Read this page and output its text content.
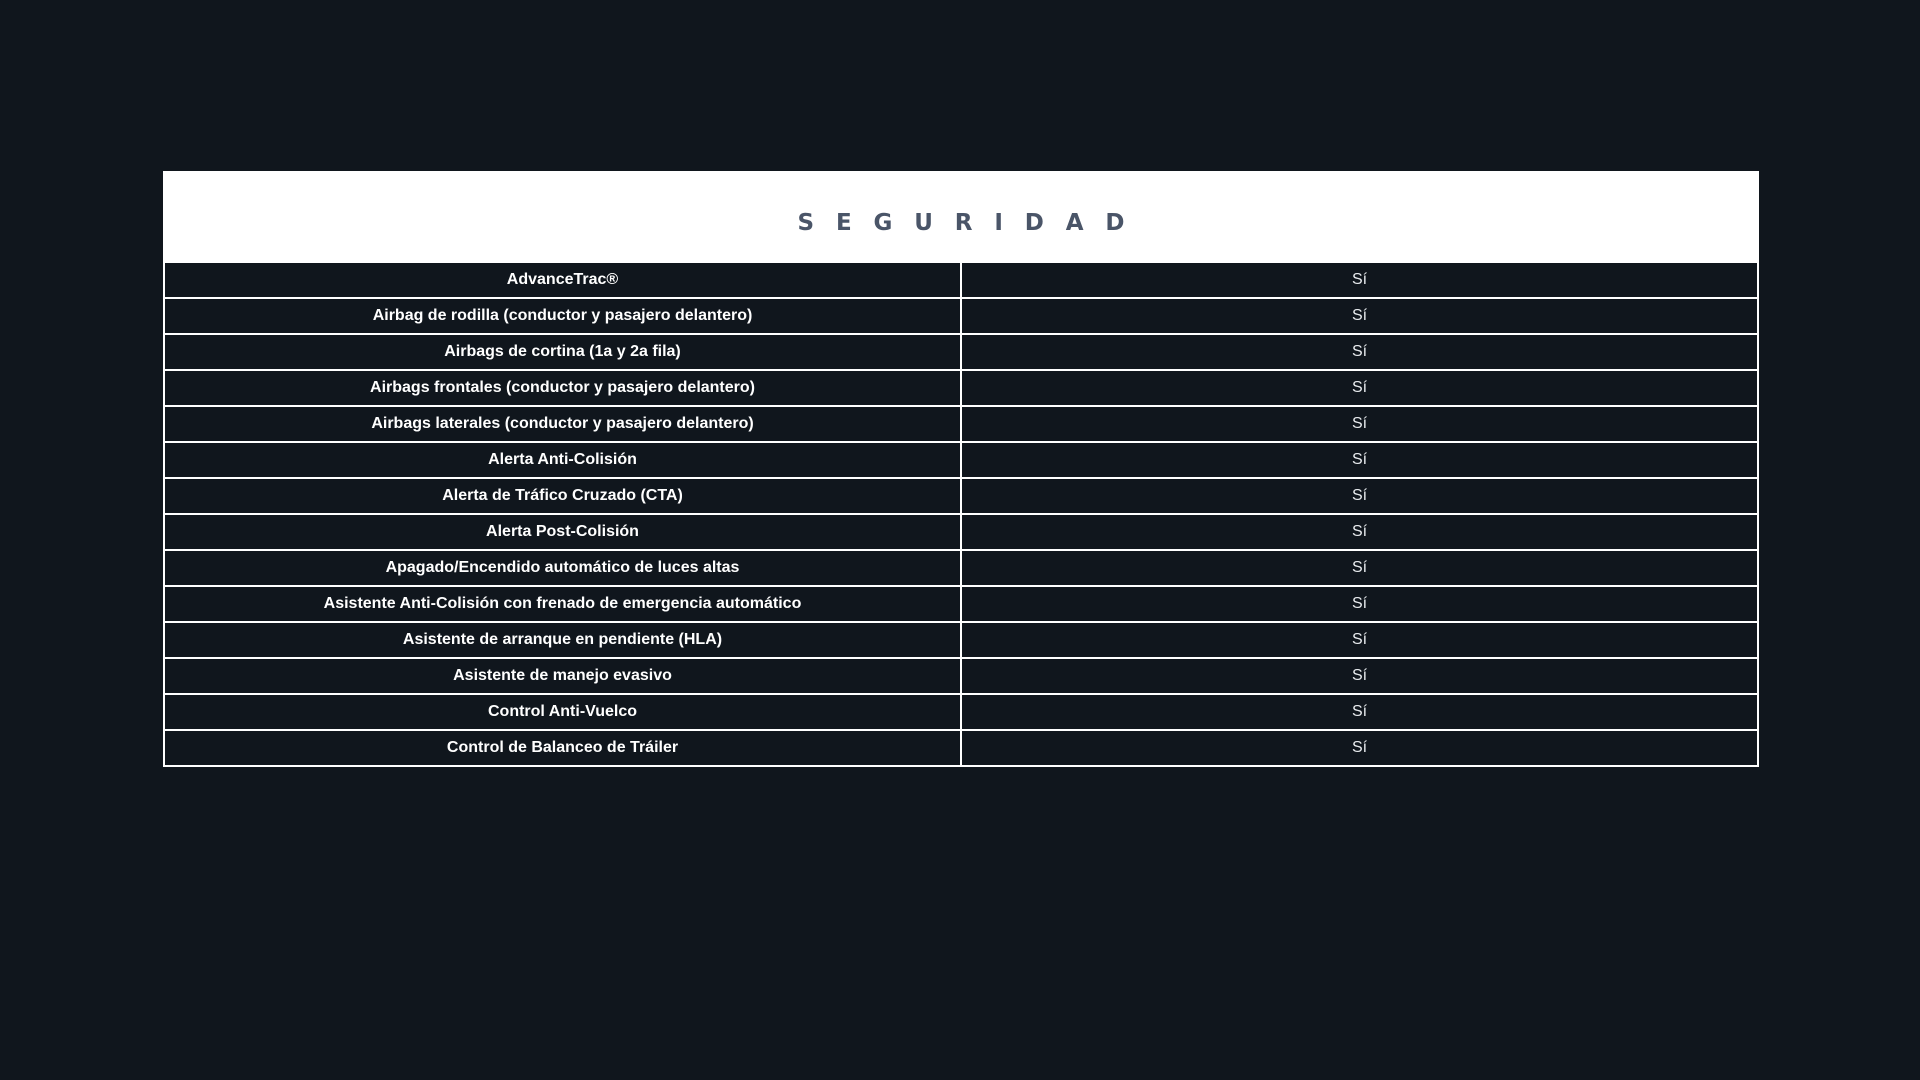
SEGURIDAD
AdvanceTrac®	Sí
Airbag de rodilla (conductor y pasajero delantero)	Sí
Airbags de cortina (1a y 2a fila)	Sí
Airbags frontales (conductor y pasajero delantero)	Sí
Airbags laterales (conductor y pasajero delantero)	Sí
Alerta Anti-Colisión	Sí
Alerta de Tráfico Cruzado (CTA)	Sí
Alerta Post-Colisión	Sí
Apagado/Encendido automático de luces altas	Sí
Asistente Anti-Colisión con frenado de emergencia automático	Sí
Asistente de arranque en pendiente (HLA)	Sí
Asistente de manejo evasivo	Sí
Control Anti-Vuelco	Sí
Control de Balanceo de Tráiler	Sí
